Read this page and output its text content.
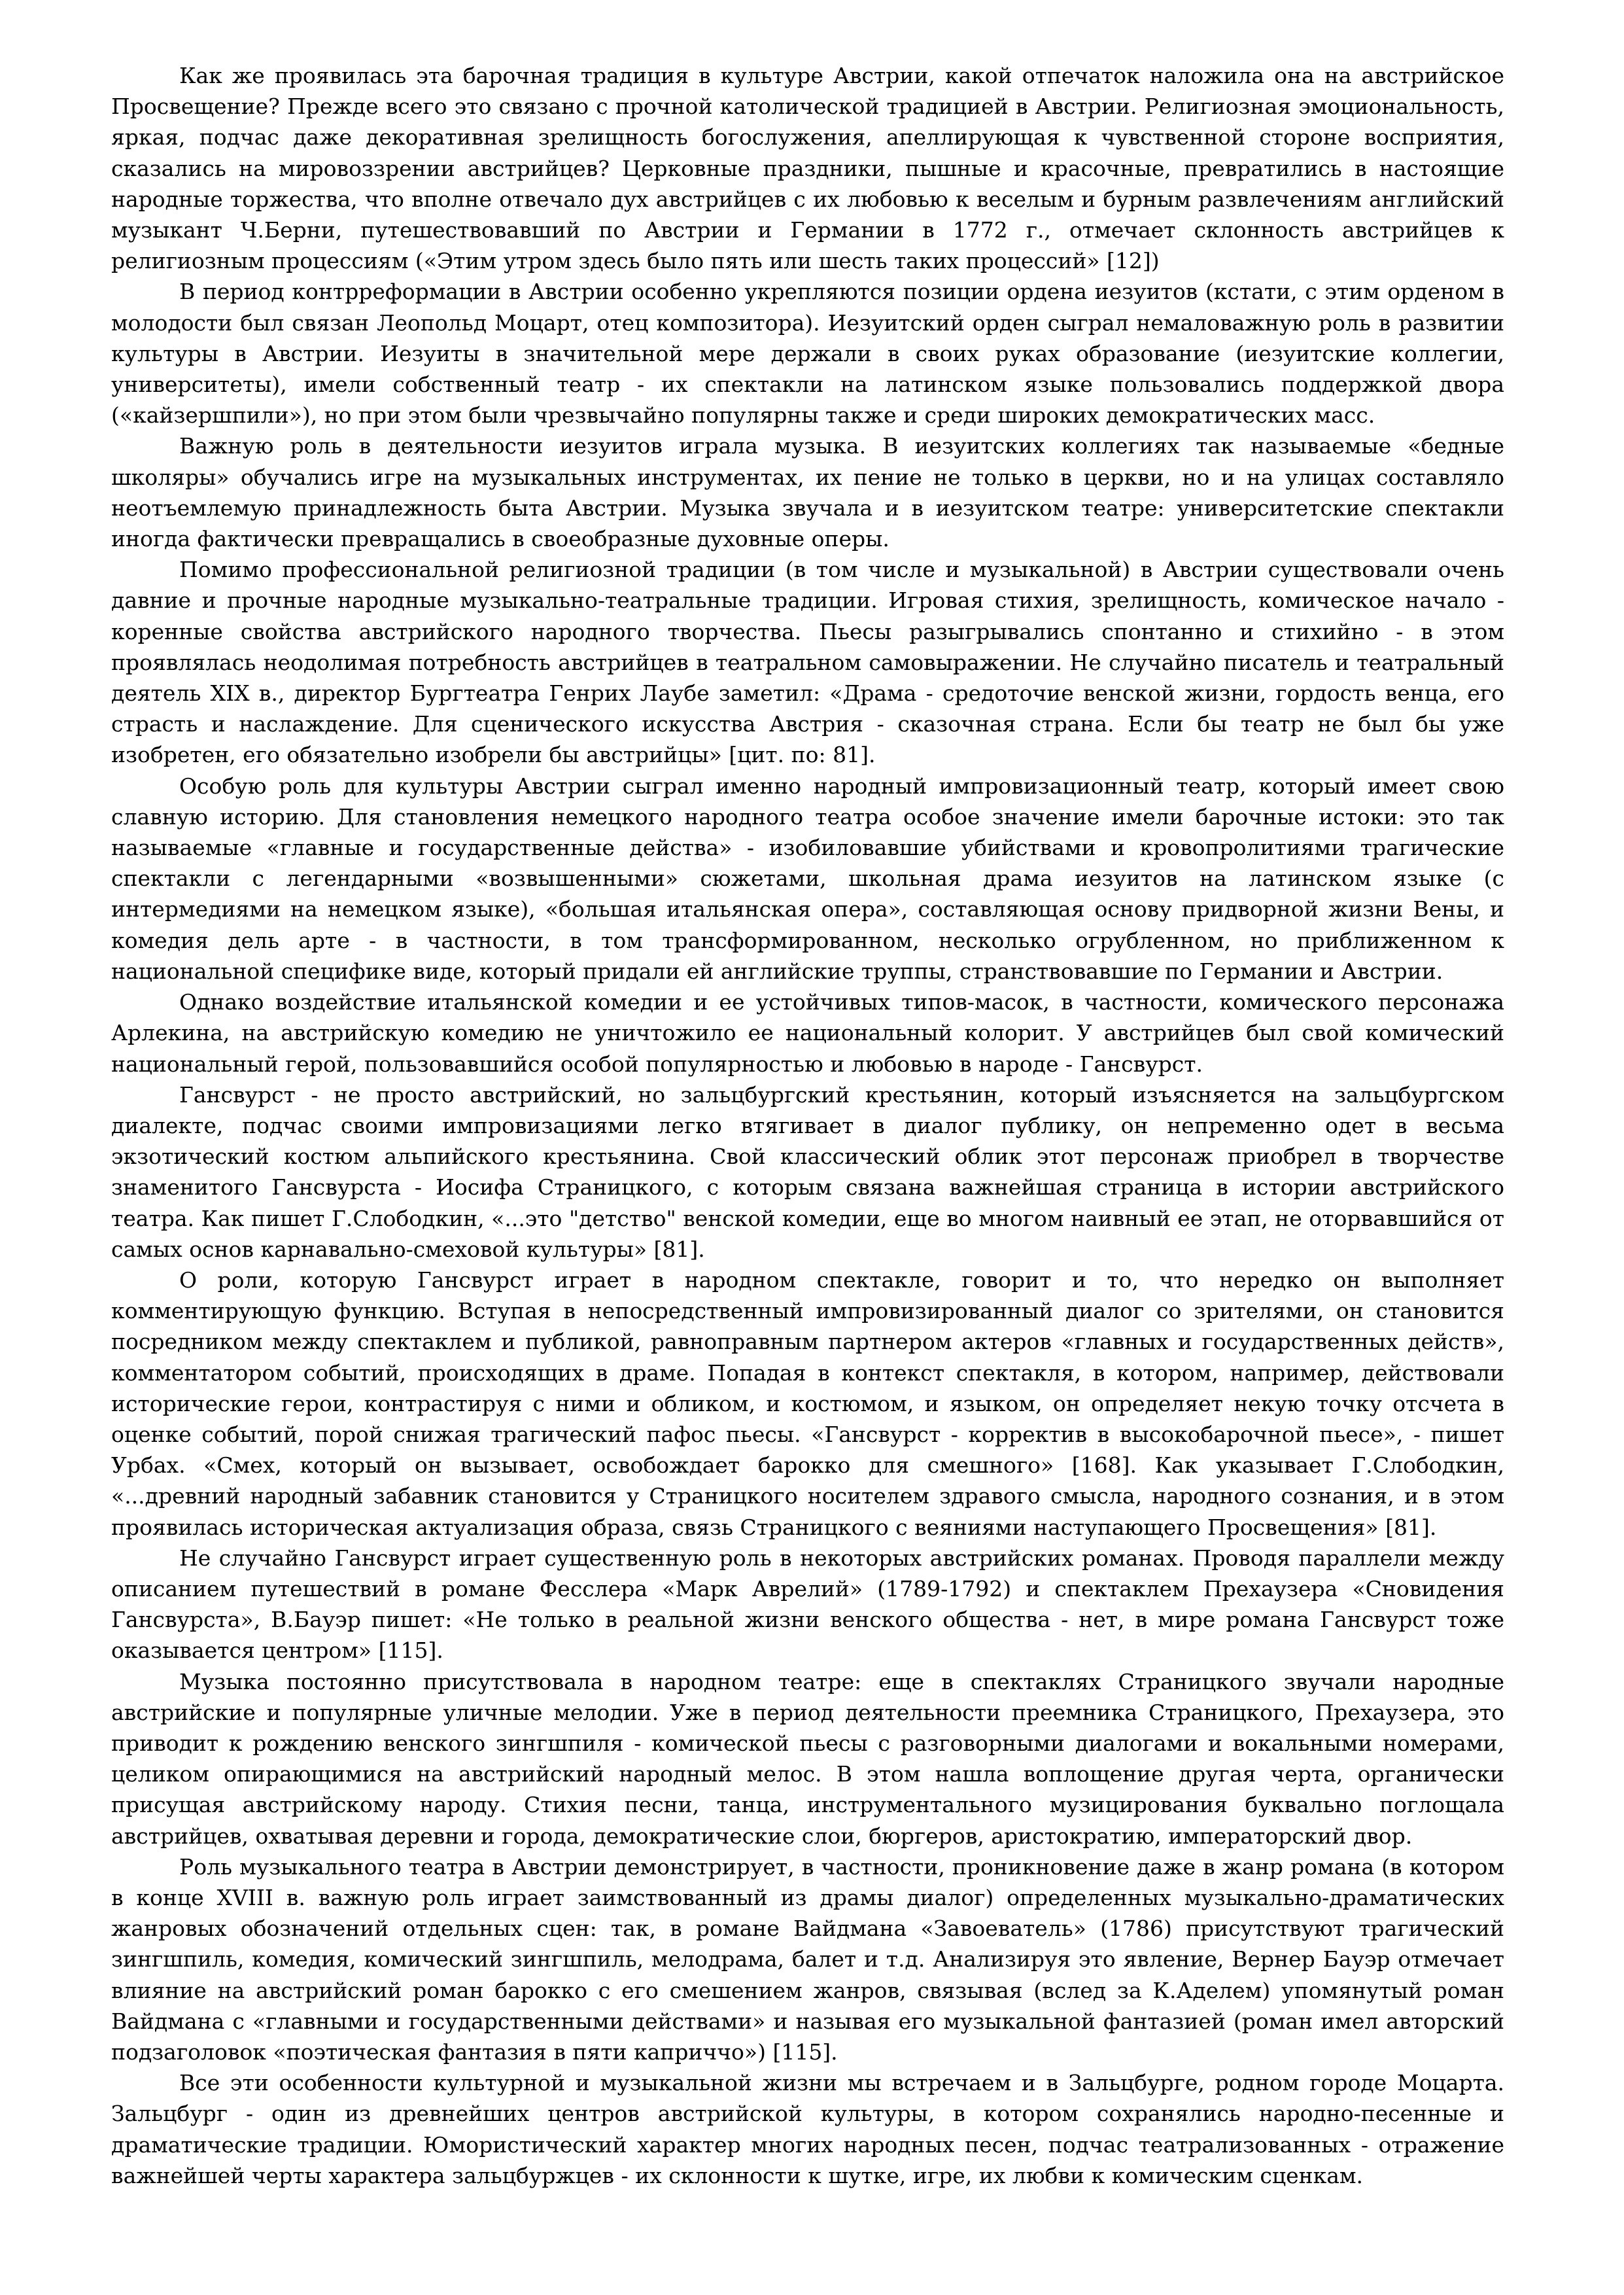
Как же проявилась эта барочная традиция в культуре Австрии, какой отпечаток наложила она на австрийское Просвещение? Прежде всего это связано с прочной католической традицией в Австрии. Религиозная эмоциональность, яркая, подчас даже декоративная зрелищность богослужения, апеллирующая к чувственной стороне восприятия, сказались на мировоззрении австрийцев? Церковные праздники, пышные и красочные, превратились в настоящие народные торжества, что вполне отвечало дух австрийцев с их любовью к веселым и бурным развлечениям английский музыкант Ч.Берни, путешествовавший по Австрии и Германии в 1772 г., отмечает склонность австрийцев к религиозным процессиям («Этим утром здесь было пять или шесть таких процессий» [12])

В период контрреформации в Австрии особенно укрепляются позиции ордена иезуитов (кстати, с этим орденом в молодости был связан Леопольд Моцарт, отец композитора). Иезуитский орден сыграл немаловажную роль в развитии культуры в Австрии. Иезуиты в значительной мере держали в своих руках образование (иезуитские коллегии, университеты), имели собственный театр - их спектакли на латинском языке пользовались поддержкой двора («кайзершпили»), но при этом были чрезвычайно популярны также и среди широких демократических масс.

Важную роль в деятельности иезуитов играла музыка. В иезуитских коллегиях так называемые «бедные школяры» обучались игре на музыкальных инструментах, их пение не только в церкви, но и на улицах составляло неотъемлемую принадлежность быта Австрии. Музыка звучала и в иезуитском театре: университетские спектакли иногда фактически превращались в своеобразные духовные оперы.

Помимо профессиональной религиозной традиции (в том числе и музыкальной) в Австрии существовали очень давние и прочные народные музыкально-театральные традиции. Игровая стихия, зрелищность, комическое начало - коренные свойства австрийского народного творчества. Пьесы разыгрывались спонтанно и стихийно - в этом проявлялась неодолимая потребность австрийцев в театральном самовыражении. Не случайно писатель и театральный деятель XIX в., директор Бургтеатра Генрих Лаубе заметил: «Драма - средоточие венской жизни, гордость венца, его страсть и наслаждение. Для сценического искусства Австрия - сказочная страна. Если бы театр не был бы уже изобретен, его обязательно изобрели бы австрийцы» [цит. по: 81].

Особую роль для культуры Австрии сыграл именно народный импровизационный театр, который имеет свою славную историю. Для становления немецкого народного театра особое значение имели барочные истоки: это так называемые «главные и государственные действа» - изобиловавшие убийствами и кровопролитиями трагические спектакли с легендарными «возвышенными» сюжетами, школьная драма иезуитов на латинском языке (с интермедиями на немецком языке), «большая итальянская опера», составляющая основу придворной жизни Вены, и комедия дель арте - в частности, в том трансформированном, несколько огрубленном, но приближенном к национальной специфике виде, который придали ей английские труппы, странствовавшие по Германии и Австрии.

Однако воздействие итальянской комедии и ее устойчивых типов-масок, в частности, комического персонажа Арлекина, на австрийскую комедию не уничтожило ее национальный колорит. У австрийцев был свой комический национальный герой, пользовавшийся особой популярностью и любовью в народе - Гансвурст.

Гансвурст - не просто австрийский, но зальцбургский крестьянин, который изъясняется на зальцбургском диалекте, подчас своими импровизациями легко втягивает в диалог публику, он непременно одет в весьма экзотический костюм альпийского крестьянина. Свой классический облик этот персонаж приобрел в творчестве знаменитого Гансвурста - Иосифа Страницкого, с которым связана важнейшая страница в истории австрийского театра. Как пишет Г.Слободкин, «...это "детство" венской комедии, еще во многом наивный ее этап, не оторвавшийся от самых основ карнавально-смеховой культуры» [81].

О роли, которую Гансвурст играет в народном спектакле, говорит и то, что нередко он выполняет комментирующую функцию. Вступая в непосредственный импровизированный диалог со зрителями, он становится посредником между спектаклем и публикой, равноправным партнером актеров «главных и государственных действ», комментатором событий, происходящих в драме. Попадая в контекст спектакля, в котором, например, действовали исторические герои, контрастируя с ними и обликом, и костюмом, и языком, он определяет некую точку отсчета в оценке событий, порой снижая трагический пафос пьесы. «Гансвурст - корректив в высокобарочной пьесе», - пишет Урбах. «Смех, который он вызывает, освобождает барокко для смешного» [168]. Как указывает Г.Слободкин, «...древний народный забавник становится у Страницкого носителем здравого смысла, народного сознания, и в этом проявилась историческая актуализация образа, связь Страницкого с веяниями наступающего Просвещения» [81].

Не случайно Гансвурст играет существенную роль в некоторых австрийских романах. Проводя параллели между описанием путешествий в романе Фесслера «Марк Аврелий» (1789-1792) и спектаклем Прехаузера «Сновидения Гансвурста», В.Бауэр пишет: «Не только в реальной жизни венского общества - нет, в мире романа Гансвурст тоже оказывается центром» [115].

Музыка постоянно присутствовала в народном театре: еще в спектаклях Страницкого звучали народные австрийские и популярные уличные мелодии. Уже в период деятельности преемника Страницкого, Прехаузера, это приводит к рождению венского зингшпиля - комической пьесы с разговорными диалогами и вокальными номерами, целиком опирающимися на австрийский народный мелос. В этом нашла воплощение другая черта, органически присущая австрийскому народу. Стихия песни, танца, инструментального музицирования буквально поглощала австрийцев, охватывая деревни и города, демократические слои, бюргеров, аристократию, императорский двор.

Роль музыкального театра в Австрии демонстрирует, в частности, проникновение даже в жанр романа (в котором в конце XVIII в. важную роль играет заимствованный из драмы диалог) определенных музыкально-драматических жанровых обозначений отдельных сцен: так, в романе Вайдмана «Завоеватель» (1786) присутствуют трагический зингшпиль, комедия, комический зингшпиль, мелодрама, балет и т.д. Анализируя это явление, Вернер Бауэр отмечает влияние на австрийский роман барокко с его смешением жанров, связывая (вслед за К.Аделем) упомянутый роман Вайдмана с «главными и государственными действами» и называя его музыкальной фантазией (роман имел авторский подзаголовок «поэтическая фантазия в пяти каприччо») [115].

Все эти особенности культурной и музыкальной жизни мы встречаем и в Зальцбурге, родном городе Моцарта. Зальцбург - один из древнейших центров австрийской культуры, в котором сохранялись народно-песенные и драматические традиции. Юмористический характер многих народных песен, подчас театрализованных - отражение важнейшей черты характера зальцбуржцев - их склонности к шутке, игре, их любви к комическим сценкам.
